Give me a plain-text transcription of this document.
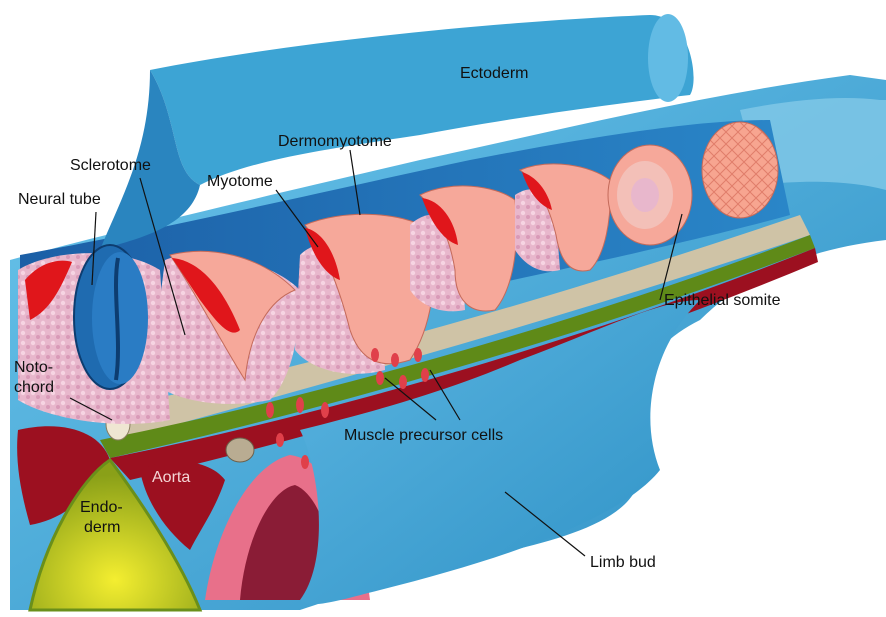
Ectoderm
Dermomyotome
Sclerotome
Myotome
Neural tube
Noto-
chord
Epithelial somite
Muscle precursor cells
Aorta
Endo-
derm
Limb bud
